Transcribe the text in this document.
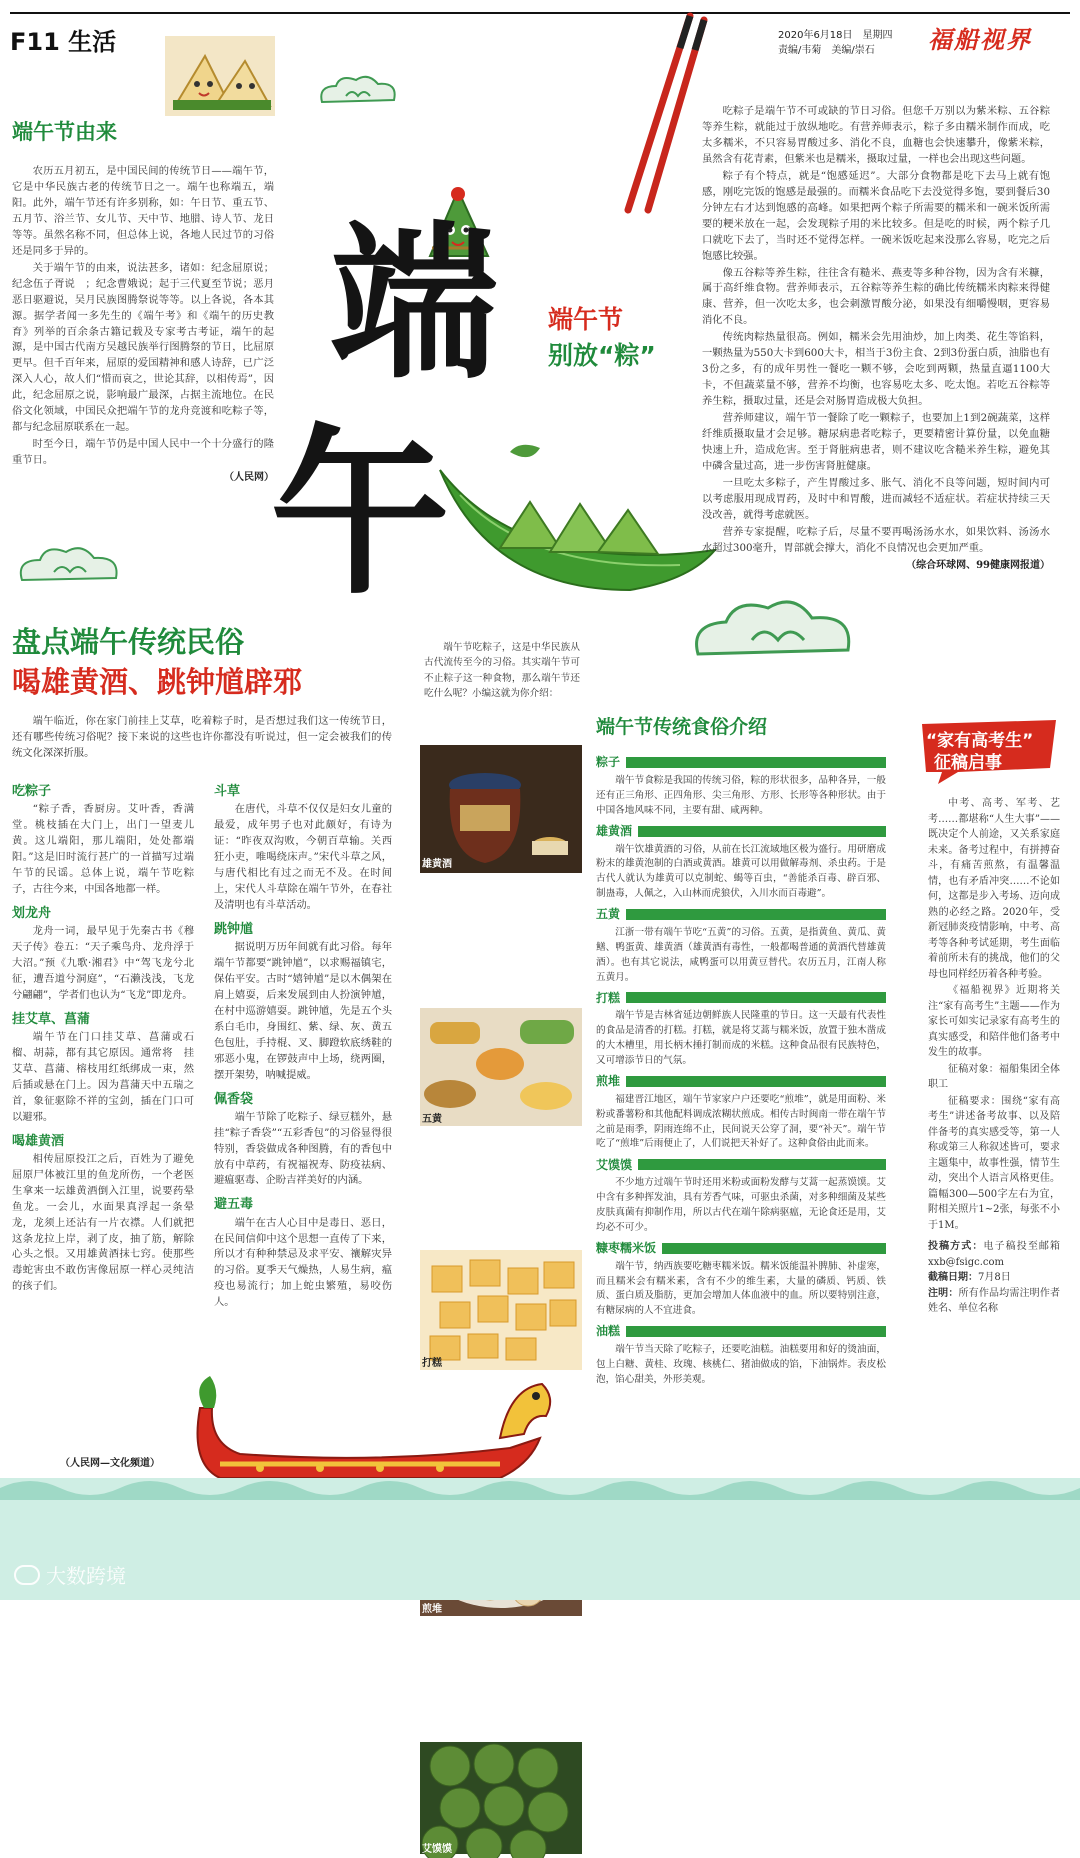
F11 生活	2020年6月18日　星期四
责编/韦菊　美编/崇石 福船视界
端
午
端午节由来

农历五月初五，是中国民间的传统节日——端午节，它是中华民族古老的传统节日之一。端午也称端五，端阳。此外，端午节还有许多别称，如：午日节、重五节、五月节、浴兰节、女儿节、天中节、地腊、诗人节、龙日等等。虽然名称不同，但总体上说，各地人民过节的习俗还是同多于异的。

关于端午节的由来，说法甚多，诸如：纪念屈原说；纪念伍子胥说　；纪念曹娥说；起于三代夏至节说；恶月恶日驱避说，吴月民族图腾祭说等等。以上各说，各本其源。据学者闻一多先生的《端午考》和《端午的历史教育》列举的百余条古籍记载及专家考古考证，端午的起源，是中国古代南方吴越民族举行图腾祭的节日，比屈原更早。但千百年来，屈原的爱国精神和感人诗辞，已广泛深入人心，故人们“惜而哀之，世论其辞，以相传焉”，因此，纪念屈原之说，影响最广最深，占据主流地位。在民俗文化领域，中国民众把端午节的龙舟竞渡和吃粽子等，都与纪念屈原联系在一起。

时至今日，端午节仍是中国人民中一个十分盛行的隆重节日。

（人民网）
端午节
别放“粽”

吃粽子是端午节不可或缺的节日习俗。但您千万别以为紫米粽、五谷粽等养生粽，就能过于放纵地吃。有营养师表示，粽子多由糯米制作而成，吃太多糯米，不只容易胃酸过多、消化不良，血糖也会快速攀升，像紫米粽，虽然含有花青素，但紫米也是糯米，摄取过量，一样也会出现这些问题。

粽子有个特点，就是“饱感延迟”。大部分食物都是吃下去马上就有饱感，刚吃完饭的饱感是最强的。而糯米食品吃下去没觉得多饱，要到餐后30分钟左右才达到饱感的高峰。如果把两个粽子所需要的糯米和一碗米饭所需要的粳米放在一起，会发现粽子用的米比较多。但是吃的时候，两个粽子几口就吃下去了，当时还不觉得怎样。一碗米饭吃起来没那么容易，吃完之后饱感比较强。

像五谷粽等养生粽，往往含有糙米、燕麦等多种谷物，因为含有米糠，属于高纤维食物。营养师表示，五谷粽等养生粽的确比传统糯米肉粽来得健康、营养，但一次吃太多，也会刺激胃酸分泌，如果没有细嚼慢咽，更容易消化不良。

传统肉粽热量很高。例如，糯米会先用油炒，加上肉类、花生等馅料，一颗热量为550大卡到600大卡，相当于3份主食、2到3份蛋白质，油脂也有3份之多，有的成年男性一餐吃一颗不够，会吃到两颗，热量直逼1100大卡，不但蔬菜量不够，营养不均衡，也容易吃太多、吃太饱。若吃五谷粽等养生粽，摄取过量，还是会对肠胃造成极大负担。

营养师建议，端午节一餐除了吃一颗粽子，也要加上1到2碗蔬菜，这样纤维质摄取量才会足够。糖尿病患者吃粽子，更要精密计算份量，以免血糖快速上升，造成危害。至于肾脏病患者，则不建议吃含糙米养生粽，避免其中磷含量过高，进一步伤害肾脏健康。

一旦吃太多粽子，产生胃酸过多、胀气、消化不良等问题，短时间内可以考虑服用现成胃药，及时中和胃酸，进而减轻不适症状。若症状持续三天没改善，就得考虑就医。

营养专家提醒，吃粽子后，尽量不要再喝汤汤水水，如果饮料、汤汤水水超过300毫升，胃部就会撑大，消化不良情况也会更加严重。

（综合环球网、99健康网报道）
盘点端午传统民俗
喝雄黄酒、跳钟馗辟邪

端午临近，你在家门前挂上艾草，吃着粽子时，是否想过我们这一传统节日，还有哪些传统习俗呢？接下来说的这些也许你都没有听说过，但一定会被我们的传统文化深深折服。

吃粽子

“粽子香，香厨房。艾叶香，香满堂。桃枝插在大门上，出门一望麦儿黄。这儿端阳，那儿端阳，处处都端阳。”这是旧时流行甚广的一首描写过端午节的民谣。总体上说，端午节吃粽子，古往今来，中国各地都一样。

划龙舟

龙舟一词，最早见于先秦古书《穆天子传》卷五：“天子乘鸟舟、龙舟浮于大沼。”预《九歌·湘君》中“驾飞龙兮北征，遭吾道兮洞庭”，“石濑浅浅，飞龙兮翩翩”，学者们也认为“飞龙”即龙舟。

挂艾草、菖蒲

端午节在门口挂艾草、菖蒲或石榴、胡蒜，都有其它原因。通常将　挂艾草、菖蒲、榕枝用红纸绑成一束，然后插或悬在门上。因为菖蒲天中五瑞之首，象征驱除不祥的宝剑，插在门口可以避邪。

喝雄黄酒

相传屈原投江之后，百姓为了避免屈原尸体被江里的鱼龙所伤，一个老医生拿来一坛雄黄酒倒入江里，说要药晕鱼龙。一会儿，水面果真浮起一条晕龙，龙须上还沾有一片衣襟。人们就把这条龙拉上岸，剥了皮，抽了筋，解除心头之恨。又用雄黄酒抹七窍。使那些毒蛇害虫不敢伤害像屈原一样心灵纯洁的孩子们。

斗草

在唐代，斗草不仅仅是妇女儿童的最爱，成年男子也对此颇好，有诗为证：“昨夜双沟败，今朝百草输。关西狂小吏，唯喝绕床声。”宋代斗草之风，与唐代相比有过之而无不及。在时间上，宋代人斗草除在端午节外，在春社及清明也有斗草活动。

跳钟馗

据说明万历年间就有此习俗。每年端午节都要“跳钟馗”，以求赐福镇宅，保佑平安。古时“嬉钟馗”是以木偶架在肩上嬉耍，后来发展到由人扮演钟馗，在村中巡游嬉耍。跳钟馗，先是五个头系白毛巾，身围红、紫、绿、灰、黄五色包肚，手持棍、叉、脚蹬软底绣鞋的邪恶小鬼，在锣鼓声中上场，绕两圈，摆开架势，呐喊提威。

佩香袋

端午节除了吃粽子、绿豆糕外，悬挂“粽子香袋”“五彩香包”的习俗显得很特别，香袋做成各种图腾，有的香包中放有中草药，有祝福祝寿、防疫祛病、避瘟驱毒、企盼吉祥美好的内涵。

避五毒

端午在古人心目中是毒日、恶日，在民间信仰中这个思想一直传了下来，所以才有种种禁忌及求平安、禳解灾异的习俗。夏季天气燥热，人易生病，瘟疫也易流行；加上蛇虫繁殖，易咬伤人。

（人民网—文化频道）

端午节吃粽子，这是中华民族从古代流传至今的习俗。其实端午节可不止粽子这一种食物，那么端午节还吃什么呢？小编这就为你介绍：

雄黄酒
五黄
打糕
煎堆
艾馍馍
端午节传统食俗介绍
粽子

端午节食粽是我国的传统习俗，粽的形状很多，品种各异，一般还有正三角形、正四角形、尖三角形、方形、长形等各种形状。由于中国各地风味不同，主要有甜、咸两种。

雄黄酒

端午饮雄黄酒的习俗，从前在长江流域地区极为盛行。用研磨成粉末的雄黄泡制的白酒或黄酒。雄黄可以用做解毒剂、杀虫药。于是古代人就认为雄黄可以克制蛇、蝎等百虫，“善能杀百毒、辟百邪、制蛊毒，人佩之，入山林而虎狼伏，入川水而百毒避”。

五黄

江浙一带有端午节吃“五黄”的习俗。五黄，是指黄鱼、黄瓜、黄鳝、鸭蛋黄、雄黄酒（雄黄酒有毒性，一般都喝普通的黄酒代替雄黄酒）。也有其它说法，咸鸭蛋可以用黄豆替代。农历五月，江南人称五黄月。

打糕

端午节是吉林省延边朝鲜族人民隆重的节日。这一天最有代表性的食品是清香的打糕。打糕，就是将艾蒿与糯米饭，放置于独木凿成的大木槽里，用长柄木捶打制而成的米糕。这种食品很有民族特色，又可增添节日的气氛。

煎堆

福建晋江地区，端午节家家户户还要吃“煎堆”，就是用面粉、米粉或番薯粉和其他配料调成浓糊状煎成。相传古时闽南一带在端午节之前是雨季，阴雨连绵不止，民间说天公穿了洞，要“补天”。端午节吃了“煎堆”后雨便止了，人们说把天补好了。这种食俗由此而来。

艾馍馍

不少地方过端午节时还用米粉或面粉发酵与艾蒿一起蒸馍馍。艾中含有多种挥发油，具有芳香气味，可驱虫杀菌，对多种细菌及某些皮肤真菌有抑制作用，所以古代在端午除病驱瘟，无论食还是用，艾均必不可少。

糠枣糯米饭

端午节，纳西族要吃糖枣糯米饭。糯米饭能温补脾肺、补虚寒，而且糯米会有糯米素，含有不少的维生素，大量的磷质、钙质、铁质、蛋白质及脂肪，更加会增加人体血液中的血。所以要特别注意，有糖尿病的人不宜进食。

油糕

端午节当天除了吃粽子，还要吃油糕。油糕要用和好的烫油面，包上白糖、黄桂、玫瑰、核桃仁、猪油做成的馅，下油锅炸。表皮松泡，馅心甜美，外形美观。

“家有高考生”
征稿启事

中考、高考、军考、艺考……都堪称“人生大事”——既决定个人前途，又关系家庭未来。备考过程中，有拼搏奋斗，有痛苦煎熬，有温馨温情，也有矛盾冲突……不论如何，这都是步入考场、迈向成熟的必经之路。2020年，受新冠肺炎疫情影响，中考、高考等各种考试延期，考生面临着前所未有的挑战，他们的父母也同样经历着各种考验。

《福船视界》近期将关注“家有高考生”主题——作为家长可如实记录家有高考生的真实感受，和陪伴他们备考中发生的故事。

征稿对象：福船集团全体职工

征稿要求：围绕“家有高考生”讲述备考故事、以及陪伴备考的真实感受等，第一人称或第三人称叙述皆可，要求主题集中，故事性强，情节生动，突出个人语言风格更佳。篇幅300—500字左右为宜，附相关照片1~2张，每张不小于1M。

投稿方式：电子稿投至邮箱 xxb@fsigc.com
截稿日期：7月8日
注明：所有作品均需注明作者姓名、单位名称
大数跨境
